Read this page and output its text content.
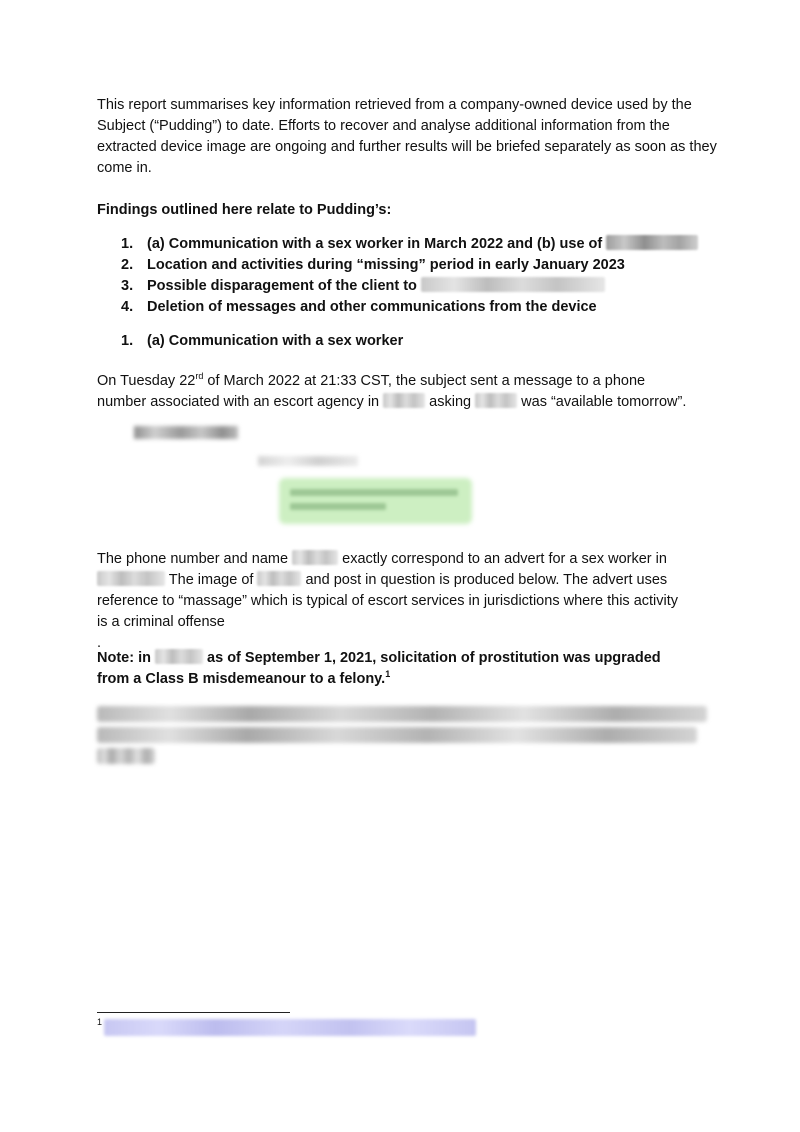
This report summarises key information retrieved from a company-owned device used by the Subject (“Pudding”) to date. Efforts to recover and analyse additional information from the extracted device image are ongoing and further results will be briefed separately as soon as they come in.

Findings outlined here relate to Pudding’s:

1. (a) Communication with a sex worker in March 2022 and (b) use of
2. Location and activities during “missing” period in early January 2023
3. Possible disparagement of the client to
4. Deletion of messages and other communications from the device
1. (a) Communication with a sex worker
On Tuesday 22rd of March 2022 at 21:33 CST, the subject sent a message to a phone
number associated with an escort agency in	asking	was “available tomorrow”.
The phone number and name	exactly correspond to an advert for a sex worker in
The image of	and post in question is produced below. The advert uses
reference to “massage” which is typical of escort services in jurisdictions where this activity
is a criminal offense
.
Note: in	as of September 1, 2021, solicitation of prostitution was upgraded
from a Class B misdemeanour to a felony.$^1$
1
